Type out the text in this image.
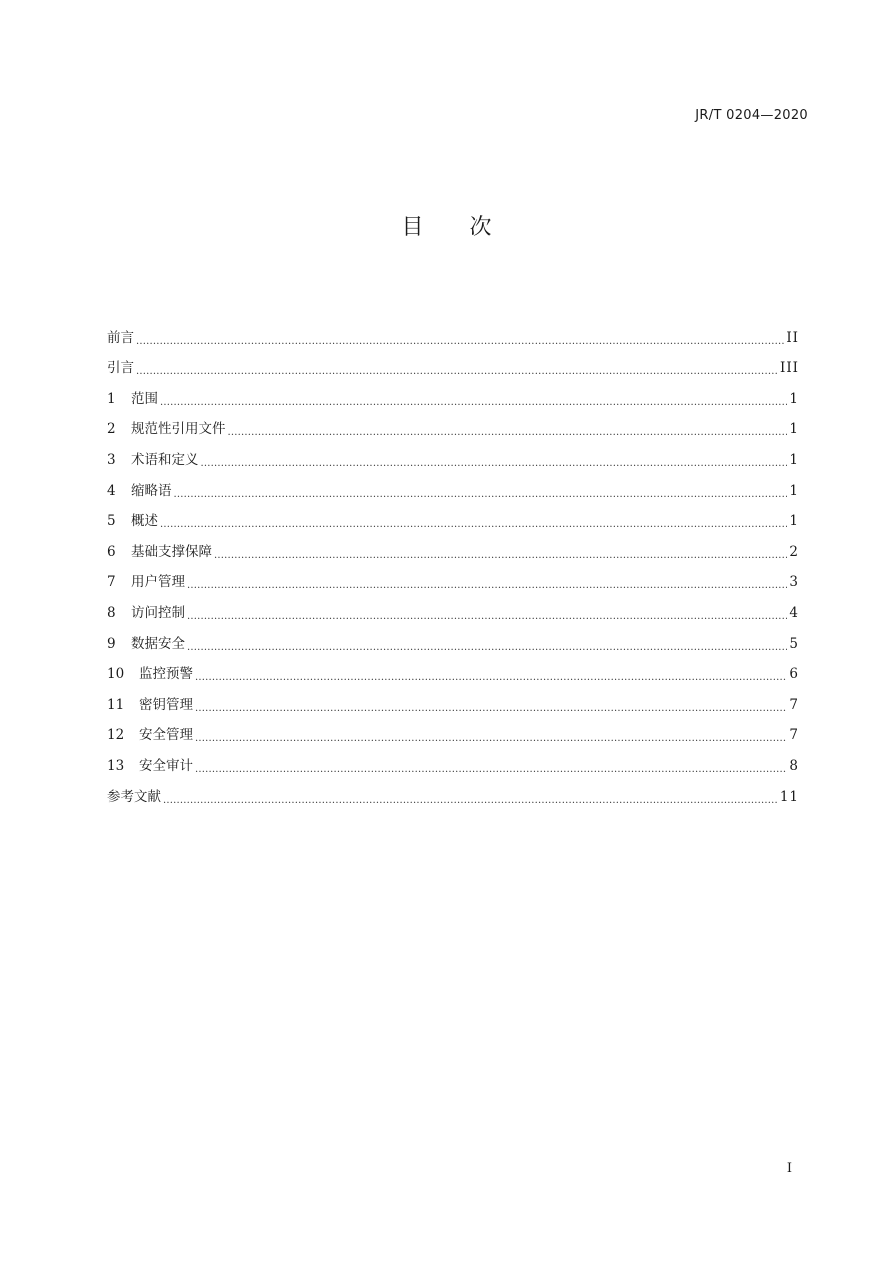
JR/T 0204—2020
目 次
前言 .....	II
引言 .....	III
1	范围 .....	1
2	规范性引用文件 .....	1
3	术语和定义 .....	1
4	缩略语 .....	1
5	概述 .....	1
6	基础支撑保障 .....	2
7	用户管理 .....	3
8	访问控制 .....	4
9	数据安全 .....	5
10	监控预警 .....	6
11	密钥管理 .....	7
12	安全管理 .....	7
13	安全审计 .....	8
参考文献 .....	11
I
